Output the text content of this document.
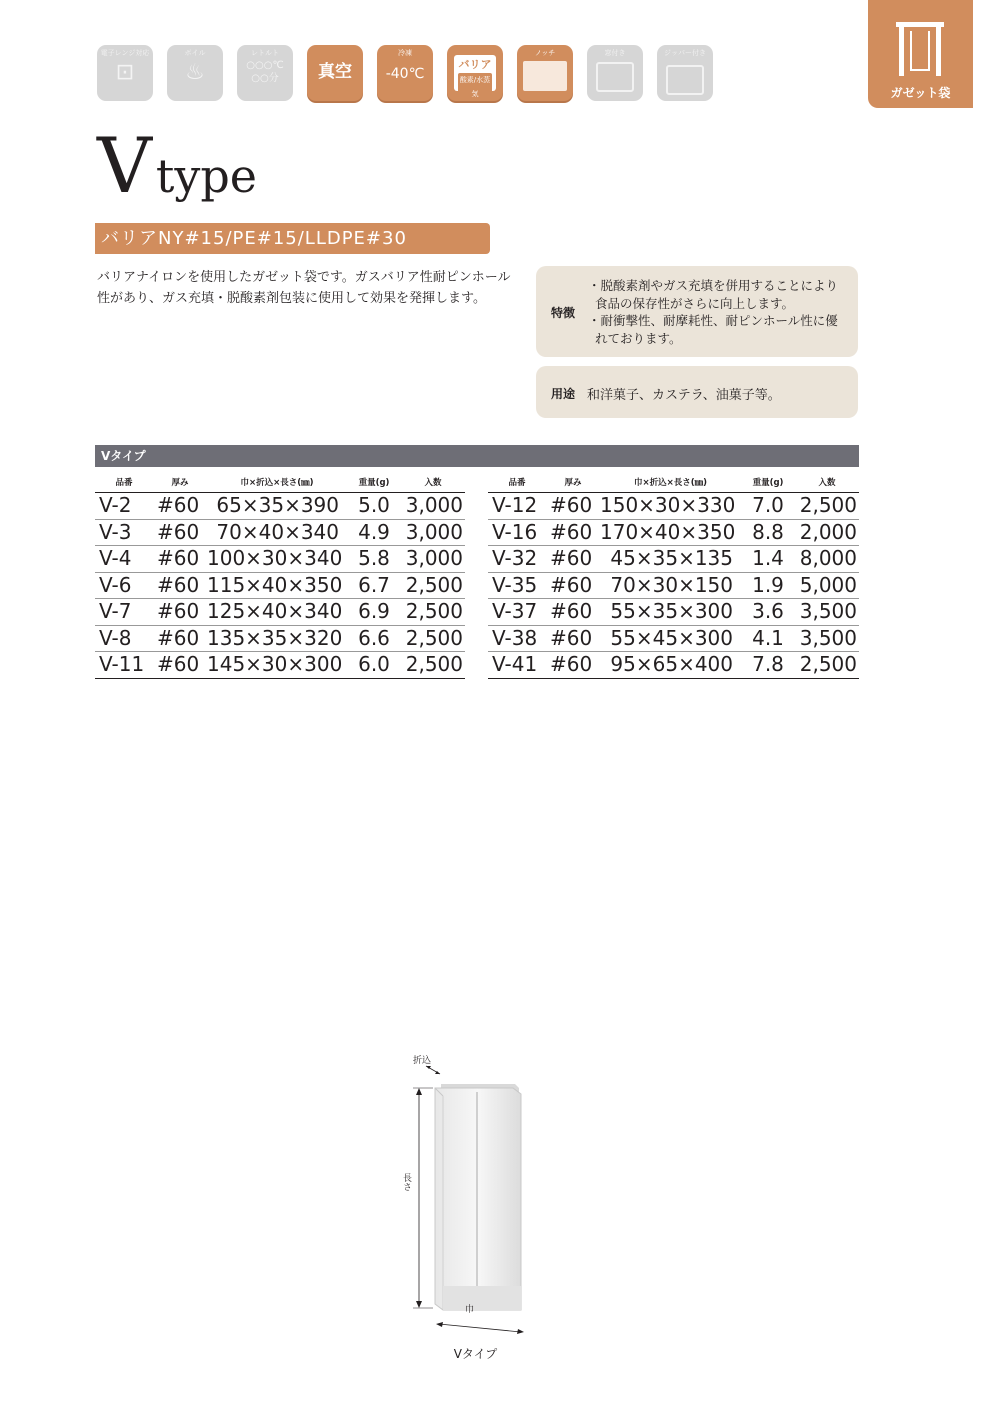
電子レンジ対応
⊡
ボイル
♨
レトルト
○○○℃
○○分	真空
冷凍
-40℃
バリア
酸素/水蒸気
ノッチ	窓付き	ジッパー付き
ガゼット袋
Vtype
バリアNY#15/PE#15/LLDPE#30

バリアナイロンを使用したガゼット袋です。ガスバリア性耐ピンホール性があり、ガス充填・脱酸素剤包装に使用して効果を発揮します。

特徴
・脱酸素剤やガス充填を併用することにより食品の保存性がさらに向上します。
・耐衝撃性、耐摩耗性、耐ピンホール性に優れております。
用途 和洋菓子、カステラ、油菓子等。
Vタイプ
品番	厚み	巾×折込×長さ(㎜)	重量(g)	入数
V-2	#60	65×35×390	5.0	3,000
V-3	#60	70×40×340	4.9	3,000
V-4	#60	100×30×340	5.8	3,000
V-6	#60	115×40×350	6.7	2,500
V-7	#60	125×40×340	6.9	2,500
V-8	#60	135×35×320	6.6	2,500
V-11	#60	145×30×300	6.0	2,500
品番	厚み	巾×折込×長さ(㎜)	重量(g)	入数
V-12	#60	150×30×330	7.0	2,500
V-16	#60	170×40×350	8.8	2,000
V-32	#60	45×35×135	1.4	8,000
V-35	#60	70×30×150	1.9	5,000
V-37	#60	55×35×300	3.6	3,500
V-38	#60	55×45×300	4.1	3,500
V-41	#60	95×65×400	7.8	2,500
折込
長さ
巾
Vタイプ
